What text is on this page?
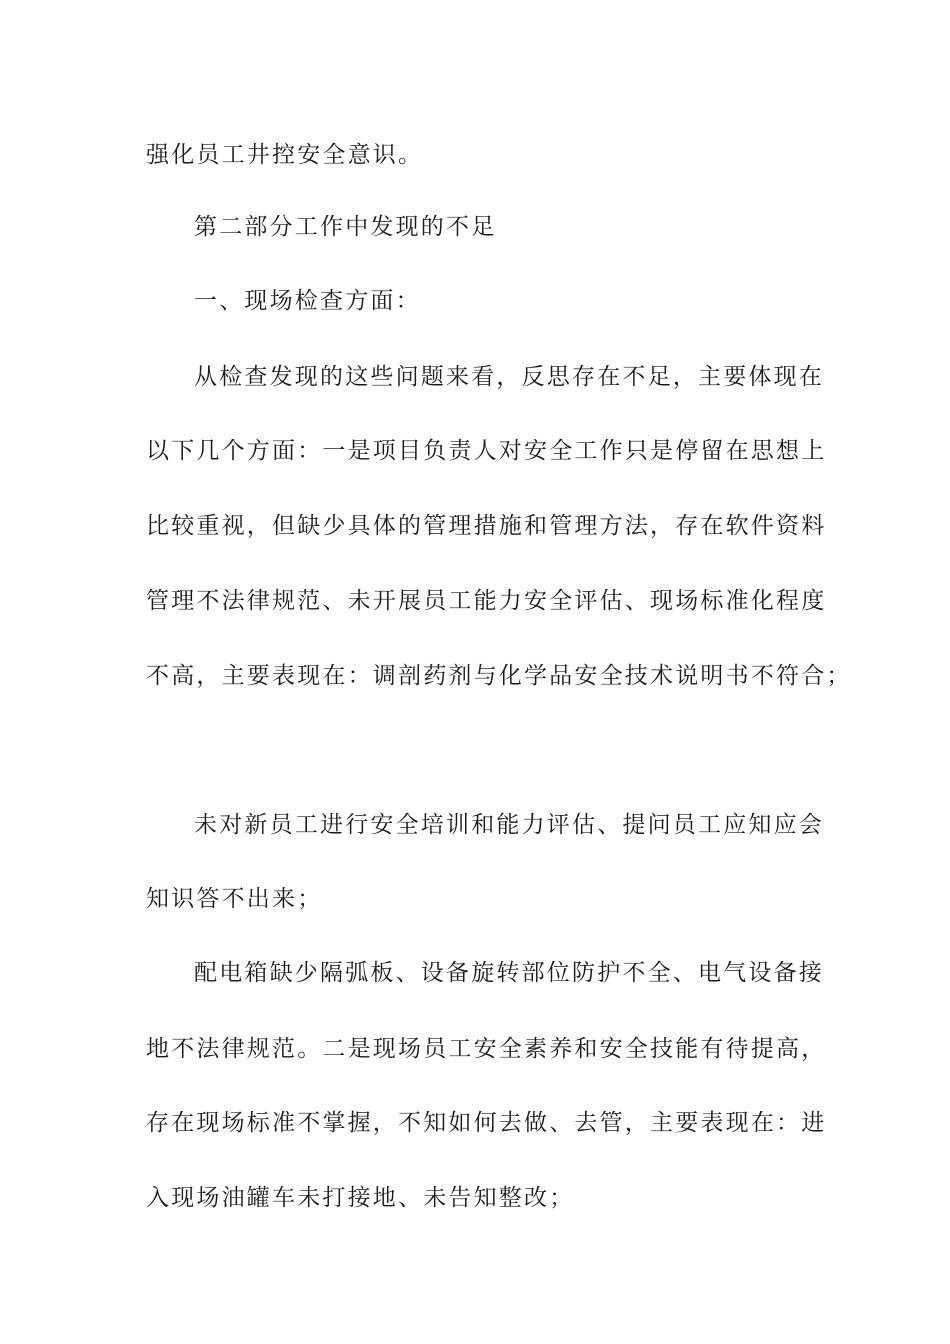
强化员工井控安全意识。
第二部分工作中发现的不足
一、现场检查方面：
从检查发现的这些问题来看，反思存在不足，主要体现在
以下几个方面：一是项目负责人对安全工作只是停留在思想上
比较重视，但缺少具体的管理措施和管理方法，存在软件资料
管理不法律规范、未开展员工能力安全评估、现场标准化程度
不高，主要表现在：调剖药剂与化学品安全技术说明书不符合；
未对新员工进行安全培训和能力评估、提问员工应知应会
知识答不出来；
配电箱缺少隔弧板、设备旋转部位防护不全、电气设备接
地不法律规范。二是现场员工安全素养和安全技能有待提高，
存在现场标准不掌握，不知如何去做、去管，主要表现在：进
入现场油罐车未打接地、未告知整改；
